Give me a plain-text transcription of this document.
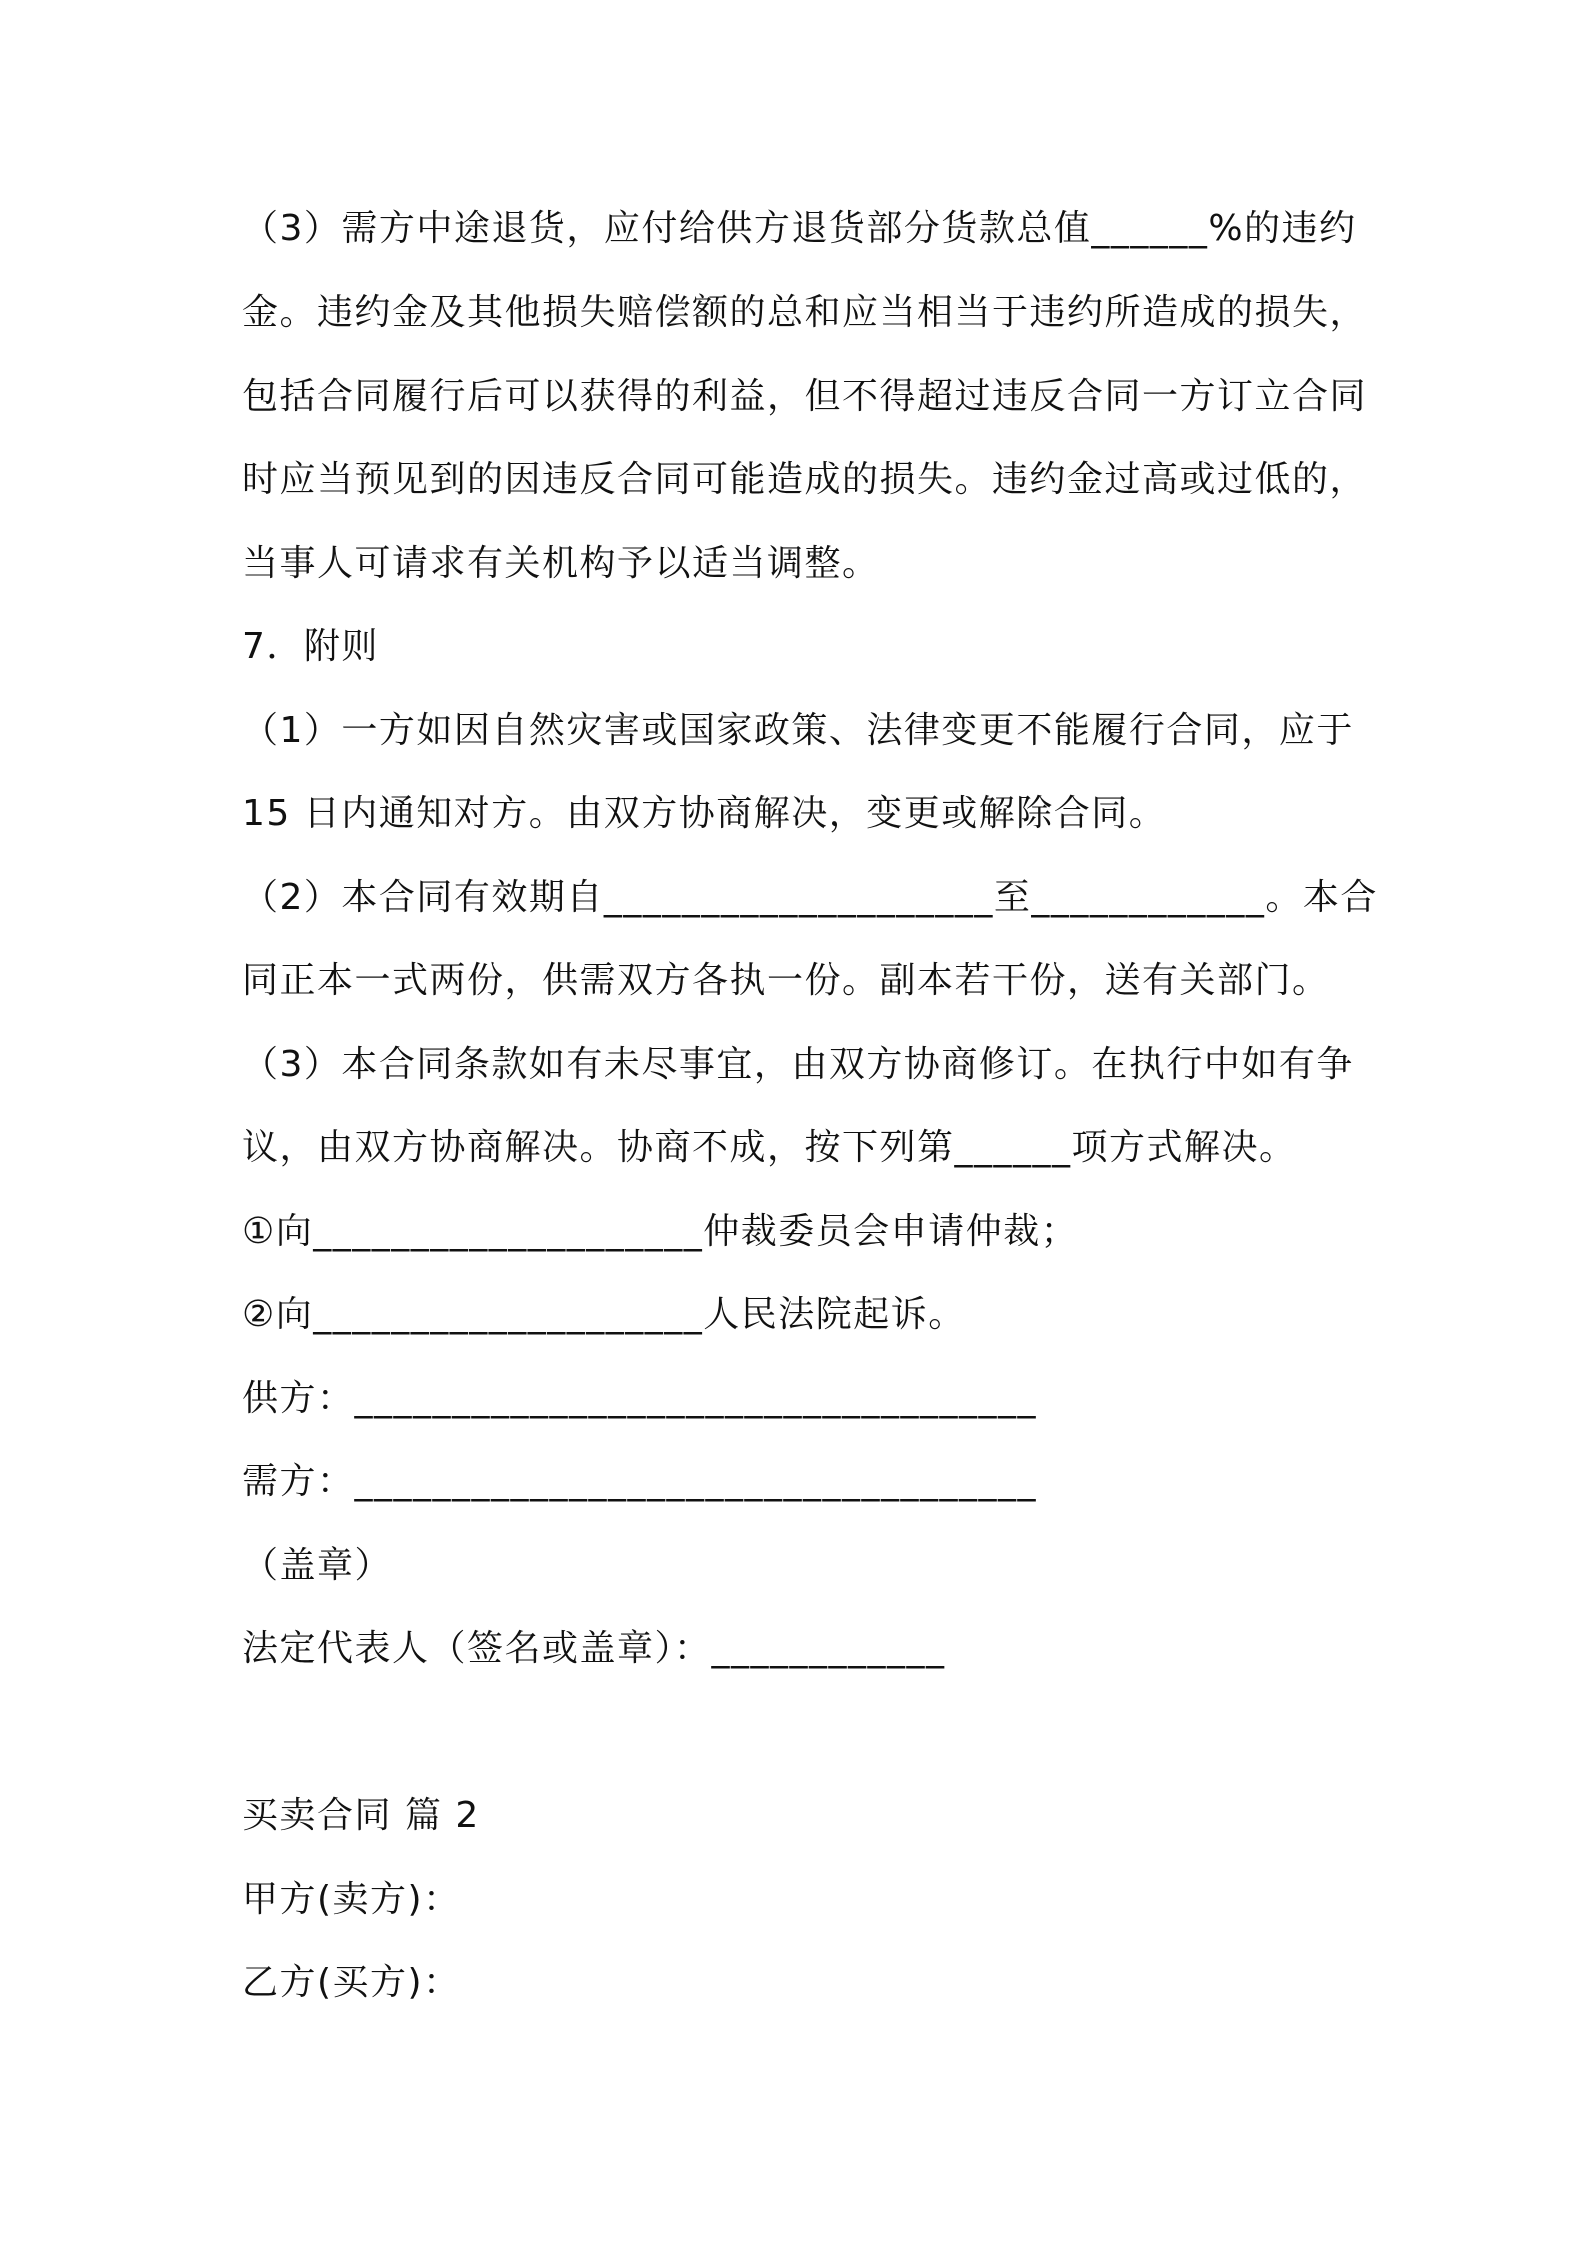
（3）需方中途退货，应付给供方退货部分货款总值______%的违约

金。违约金及其他损失赔偿额的总和应当相当于违约所造成的损失，

包括合同履行后可以获得的利益，但不得超过违反合同一方订立合同

时应当预见到的因违反合同可能造成的损失。违约金过高或过低的，

当事人可请求有关机构予以适当调整。

7．附则

（1）一方如因自然灾害或国家政策、法律变更不能履行合同，应于

15 日内通知对方。由双方协商解决，变更或解除合同。

（2）本合同有效期自____________________至____________。本合

同正本一式两份，供需双方各执一份。副本若干份，送有关部门。

（3）本合同条款如有未尽事宜，由双方协商修订。在执行中如有争

议，由双方协商解决。协商不成，按下列第______项方式解决。

①向____________________仲裁委员会申请仲裁；

②向____________________人民法院起诉。

供方：___________________________________

需方：___________________________________

（盖章）

法定代表人（签名或盖章）：____________

买卖合同 篇 2

甲方(卖方)：

乙方(买方)：
